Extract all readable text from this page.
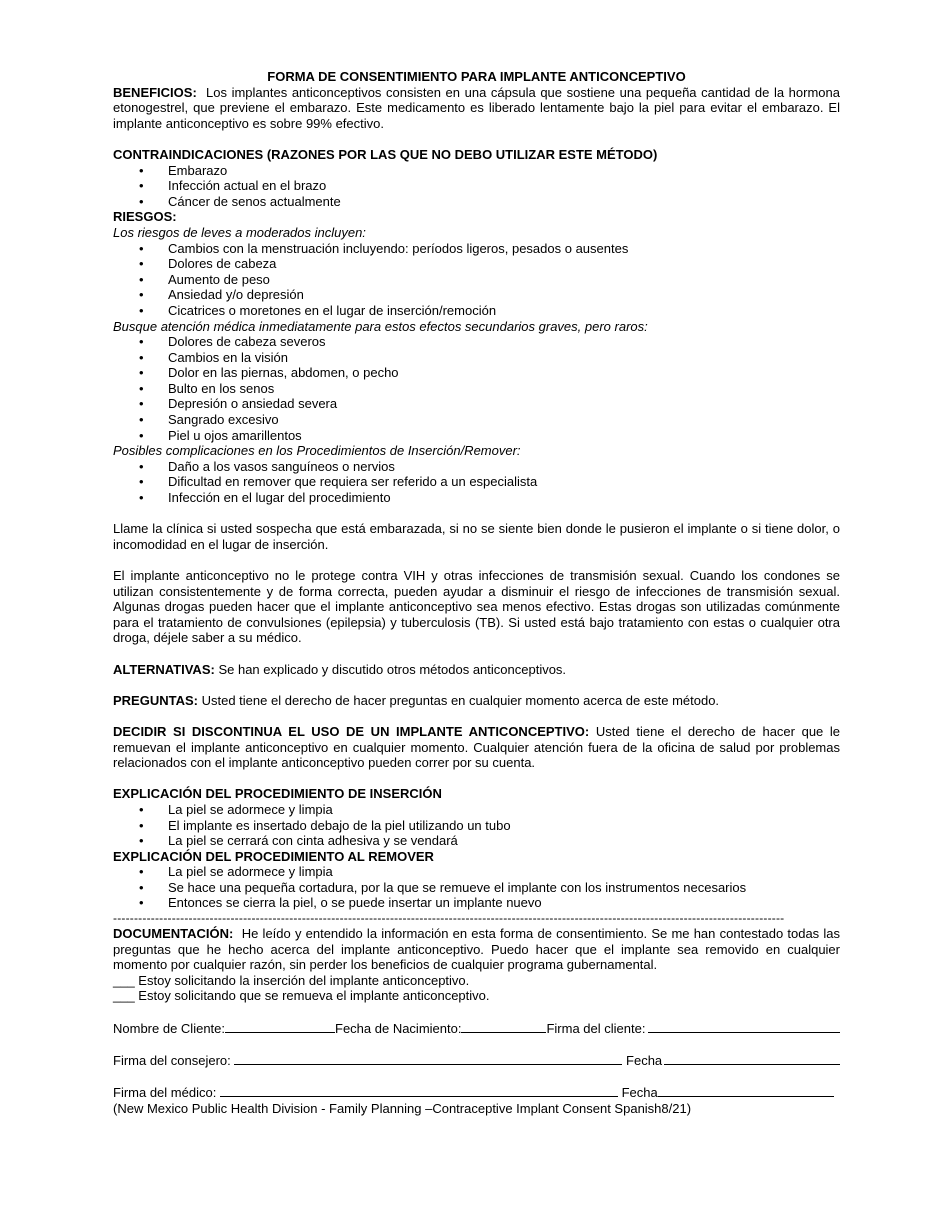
FORMA DE CONSENTIMIENTO PARA IMPLANTE ANTICONCEPTIVO

BENEFICIOS: Los implantes anticonceptivos consisten en una cápsula que sostiene una pequeña cantidad de la hormona etonogestrel, que previene el embarazo. Este medicamento es liberado lentamente bajo la piel para evitar el embarazo. El implante anticonceptivo es sobre 99% efectivo.

CONTRAINDICACIONES (RAZONES POR LAS QUE NO DEBO UTILIZAR ESTE MÉTODO)

• Embarazo
• Infección actual en el brazo
• Cáncer de senos actualmente

RIESGOS:

Los riesgos de leves a moderados incluyen:

• Cambios con la menstruación incluyendo: períodos ligeros, pesados o ausentes
• Dolores de cabeza
• Aumento de peso
• Ansiedad y/o depresión
• Cicatrices o moretones en el lugar de inserción/remoción

Busque atención médica inmediatamente para estos efectos secundarios graves, pero raros:

• Dolores de cabeza severos
• Cambios en la visión
• Dolor en las piernas, abdomen, o pecho
• Bulto en los senos
• Depresión o ansiedad severa
• Sangrado excesivo
• Piel u ojos amarillentos

Posibles complicaciones en los Procedimientos de Inserción/Remover:

• Daño a los vasos sanguíneos o nervios
• Dificultad en remover que requiera ser referido a un especialista
• Infección en el lugar del procedimiento

Llame la clínica si usted sospecha que está embarazada, si no se siente bien donde le pusieron el implante o si tiene dolor, o incomodidad en el lugar de inserción.

El implante anticonceptivo no le protege contra VIH y otras infecciones de transmisión sexual. Cuando los condones se utilizan consistentemente y de forma correcta, pueden ayudar a disminuir el riesgo de infecciones de transmisión sexual. Algunas drogas pueden hacer que el implante anticonceptivo sea menos efectivo. Estas drogas son utilizadas comúnmente para el tratamiento de convulsiones (epilepsia) y tuberculosis (TB). Si usted está bajo tratamiento con estas o cualquier otra droga, déjele saber a su médico.

ALTERNATIVAS: Se han explicado y discutido otros métodos anticonceptivos.

PREGUNTAS: Usted tiene el derecho de hacer preguntas en cualquier momento acerca de este método.

DECIDIR SI DISCONTINUA EL USO DE UN IMPLANTE ANTICONCEPTIVO: Usted tiene el derecho de hacer que le remuevan el implante anticonceptivo en cualquier momento. Cualquier atención fuera de la oficina de salud por problemas relacionados con el implante anticonceptivo pueden correr por su cuenta.

EXPLICACIÓN DEL PROCEDIMIENTO DE INSERCIÓN

• La piel se adormece y limpia
• El implante es insertado debajo de la piel utilizando un tubo
• La piel se cerrará con cinta adhesiva y se vendará

EXPLICACIÓN DEL PROCEDIMIENTO AL REMOVER

• La piel se adormece y limpia
• Se hace una pequeña cortadura, por la que se remueve el implante con los instrumentos necesarios
• Entonces se cierra la piel, o se puede insertar un implante nuevo
----------------------------------------------------------------------------------------------------------------------------------------------------------------

DOCUMENTACIÓN: He leído y entendido la información en esta forma de consentimiento. Se me han contestado todas las preguntas que he hecho acerca del implante anticonceptivo. Puedo hacer que el implante sea removido en cualquier momento por cualquier razón, sin perder los beneficios de cualquier programa gubernamental.

___ Estoy solicitando la inserción del implante anticonceptivo.

___ Estoy solicitando que se remueva el implante anticonceptivo.

Nombre de Cliente:	Fecha de Nacimiento:	Firma del cliente:
Firma del consejero:	Fecha
Firma del médico:	Fecha

(New Mexico Public Health Division - Family Planning –Contraceptive Implant Consent Spanish8/21)
